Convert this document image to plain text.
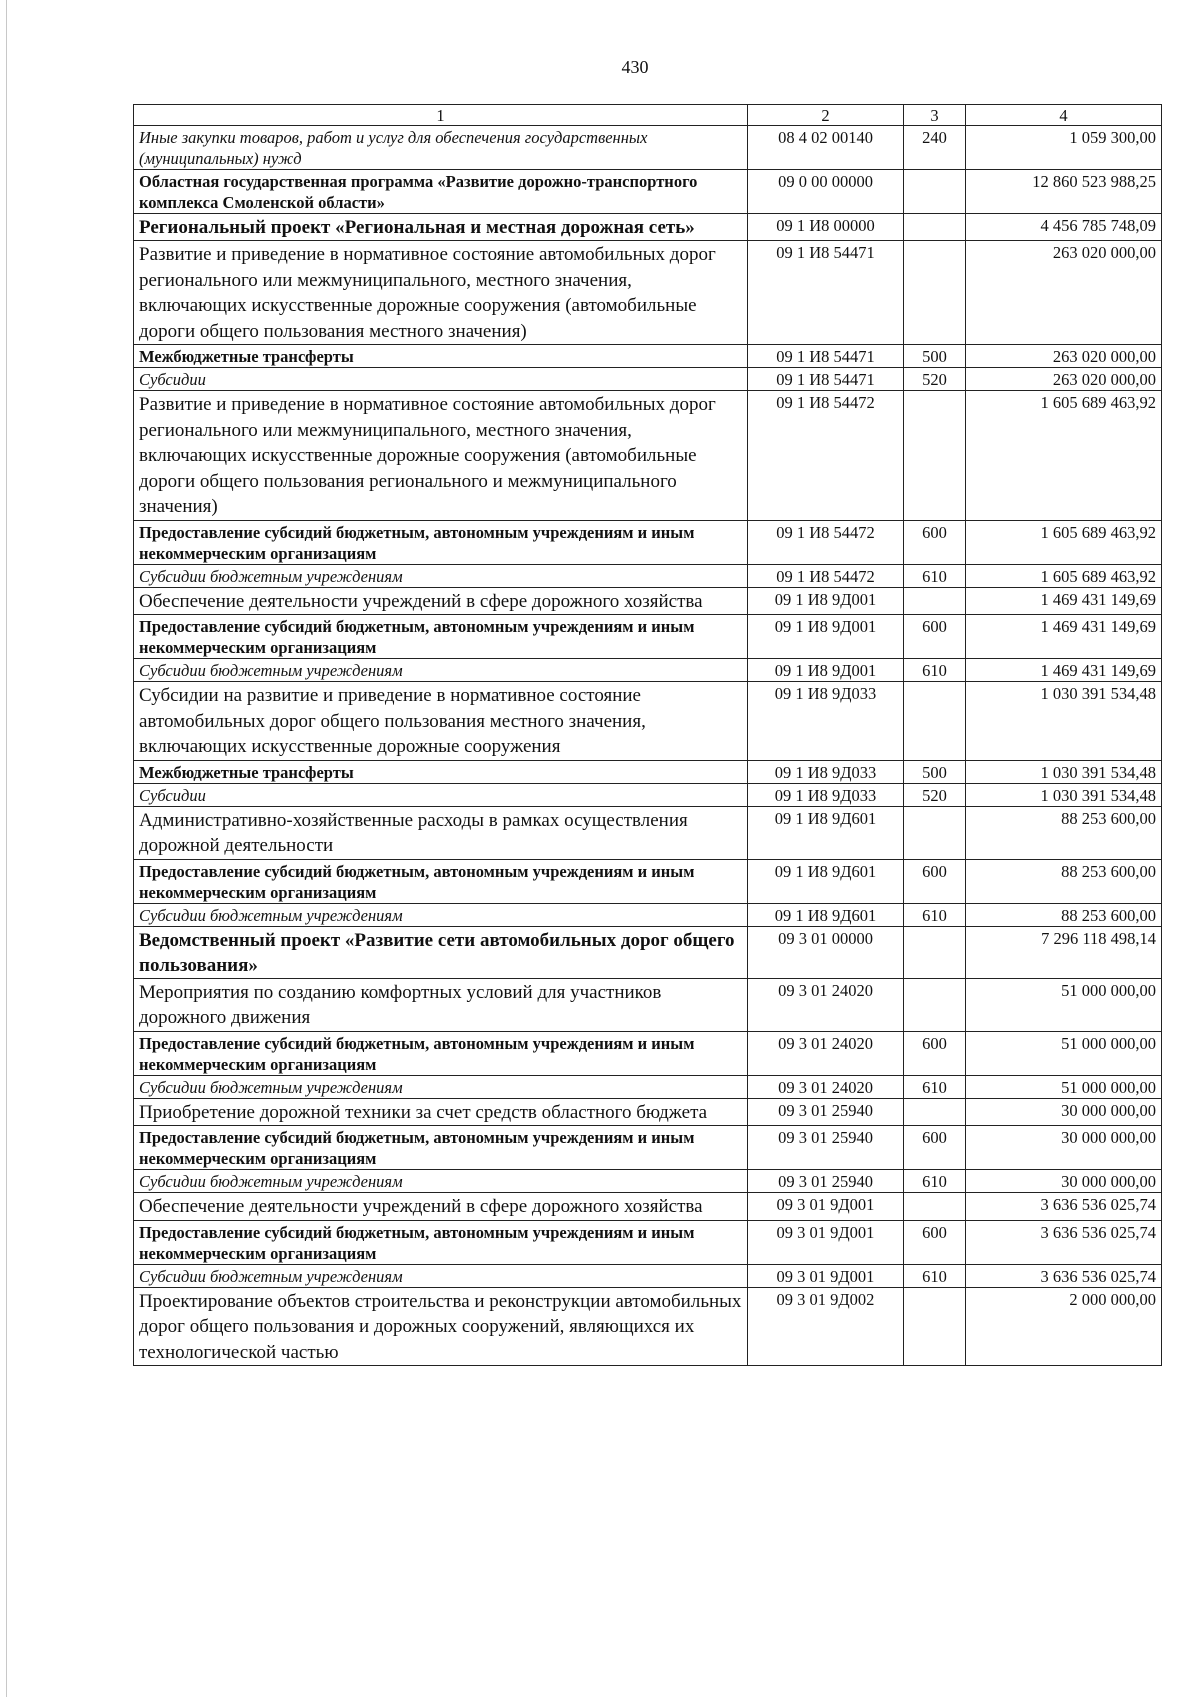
430
1	2	3	4
Иные закупки товаров, работ и услуг для обеспечения государственных (муниципальных) нужд	08 4 02 00140	240	1 059 300,00
Областная государственная программа «Развитие дорожно-транспортного комплекса Смоленской области»	09 0 00 00000		12 860 523 988,25
Региональный проект «Региональная и местная дорожная сеть»	09 1 И8 00000		4 456 785 748,09
Развитие и приведение в нормативное состояние автомобильных дорог регионального или межмуниципального, местного значения, включающих искусственные дорожные сооружения (автомобильные дороги общего пользования местного значения)	09 1 И8 54471		263 020 000,00
Межбюджетные трансферты	09 1 И8 54471	500	263 020 000,00
Субсидии	09 1 И8 54471	520	263 020 000,00
Развитие и приведение в нормативное состояние автомобильных дорог регионального или межмуниципального, местного значения, включающих искусственные дорожные сооружения (автомобильные дороги общего пользования регионального и межмуниципального значения)	09 1 И8 54472		1 605 689 463,92
Предоставление субсидий бюджетным, автономным учреждениям и иным некоммерческим организациям	09 1 И8 54472	600	1 605 689 463,92
Субсидии бюджетным учреждениям	09 1 И8 54472	610	1 605 689 463,92
Обеспечение деятельности учреждений в сфере дорожного хозяйства	09 1 И8 9Д001		1 469 431 149,69
Предоставление субсидий бюджетным, автономным учреждениям и иным некоммерческим организациям	09 1 И8 9Д001	600	1 469 431 149,69
Субсидии бюджетным учреждениям	09 1 И8 9Д001	610	1 469 431 149,69
Субсидии на развитие и приведение в нормативное состояние автомобильных дорог общего пользования местного значения, включающих искусственные дорожные сооружения	09 1 И8 9Д033		1 030 391 534,48
Межбюджетные трансферты	09 1 И8 9Д033	500	1 030 391 534,48
Субсидии	09 1 И8 9Д033	520	1 030 391 534,48
Административно-хозяйственные расходы в рамках осуществления дорожной деятельности	09 1 И8 9Д601		88 253 600,00
Предоставление субсидий бюджетным, автономным учреждениям и иным некоммерческим организациям	09 1 И8 9Д601	600	88 253 600,00
Субсидии бюджетным учреждениям	09 1 И8 9Д601	610	88 253 600,00
Ведомственный проект «Развитие сети автомобильных дорог общего пользования»	09 3 01 00000		7 296 118 498,14
Мероприятия по созданию комфортных условий для участников дорожного движения	09 3 01 24020		51 000 000,00
Предоставление субсидий бюджетным, автономным учреждениям и иным некоммерческим организациям	09 3 01 24020	600	51 000 000,00
Субсидии бюджетным учреждениям	09 3 01 24020	610	51 000 000,00
Приобретение дорожной техники за счет средств областного бюджета	09 3 01 25940		30 000 000,00
Предоставление субсидий бюджетным, автономным учреждениям и иным некоммерческим организациям	09 3 01 25940	600	30 000 000,00
Субсидии бюджетным учреждениям	09 3 01 25940	610	30 000 000,00
Обеспечение деятельности учреждений в сфере дорожного хозяйства	09 3 01 9Д001		3 636 536 025,74
Предоставление субсидий бюджетным, автономным учреждениям и иным некоммерческим организациям	09 3 01 9Д001	600	3 636 536 025,74
Субсидии бюджетным учреждениям	09 3 01 9Д001	610	3 636 536 025,74
Проектирование объектов строительства и реконструкции автомобильных дорог общего пользования и дорожных сооружений, являющихся их технологической частью	09 3 01 9Д002		2 000 000,00
